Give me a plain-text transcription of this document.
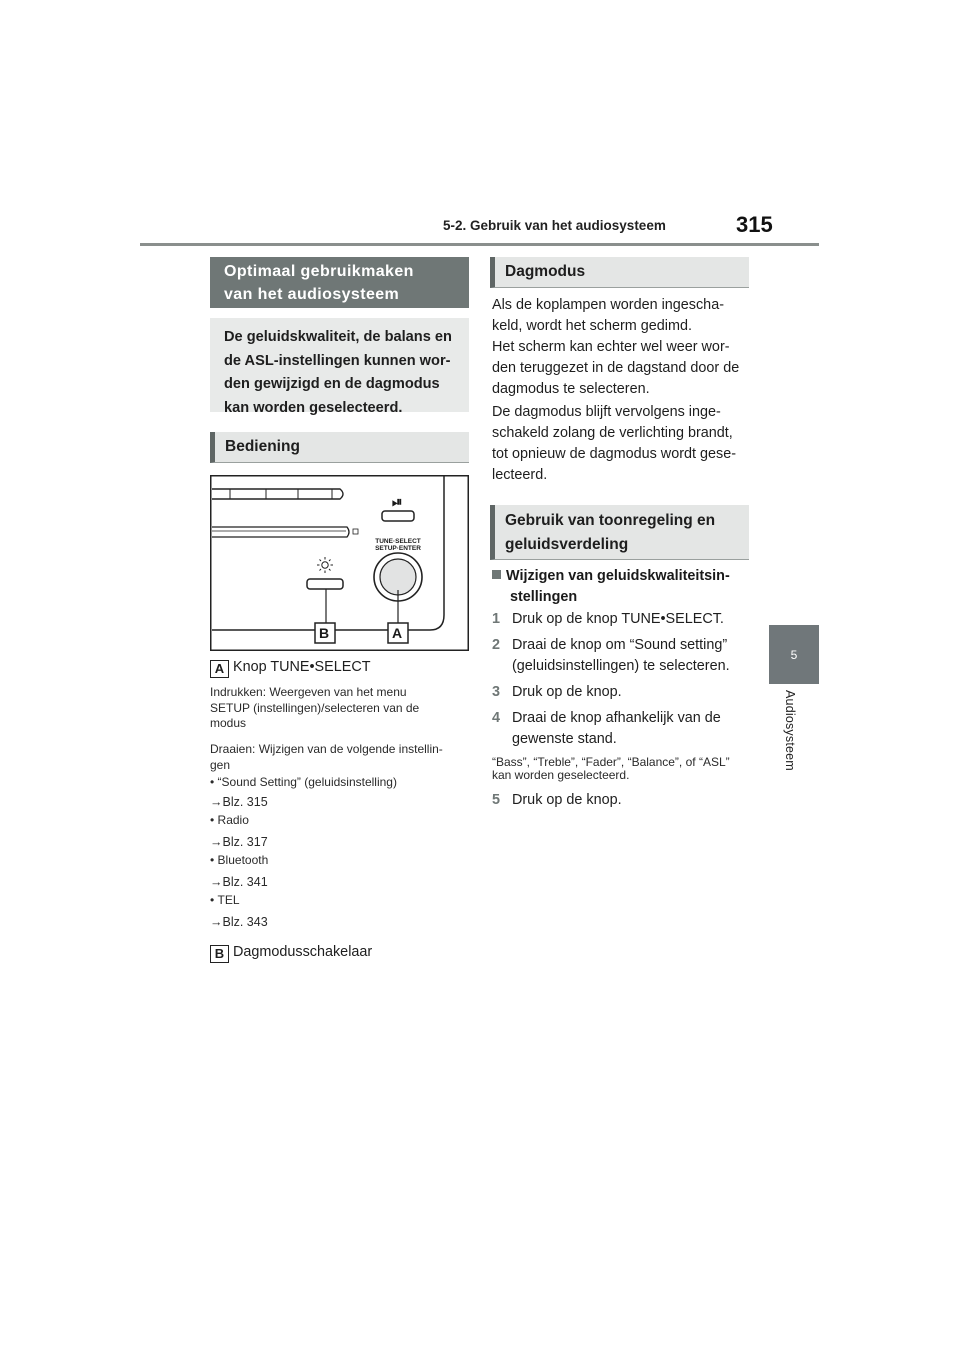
5-2. Gebruik van het audiosysteem	315
5
Audiosysteem
Optimaal gebruikmaken
van het audiosysteem
De geluidskwaliteit, de balans en
de ASL-instellingen kunnen wor-
den gewijzigd en de dagmodus
kan worden geselecteerd.
Bediening
⏯
TUNE·SELECT
SETUP·ENTER
B	A
A Knop TUNE•SELECT
Indrukken: Weergeven van het menu
SETUP (instellingen)/selecteren van de
modus
Draaien: Wijzigen van de volgende instellin-
gen
• “Sound Setting” (geluidsinstelling)
→Blz. 315
• Radio
→Blz. 317
• Bluetooth
→Blz. 341
• TEL
→Blz. 343
B Dagmodusschakelaar
Dagmodus
Als de koplampen worden ingescha-
keld, wordt het scherm gedimd.
Het scherm kan echter wel weer wor-
den teruggezet in de dagstand door de
dagmodus te selecteren.
De dagmodus blijft vervolgens inge-
schakeld zolang de verlichting brandt,
tot opnieuw de dagmodus wordt gese-
lecteerd.
Gebruik van toonregeling en
geluidsverdeling
Wijzigen van geluidskwaliteitsin-
stellingen
1 Druk op de knop TUNE•SELECT.
2 Draai de knop om “Sound setting”
(geluidsinstellingen) te selecteren.
3 Druk op de knop.
4 Draai de knop afhankelijk van de
gewenste stand.
“Bass”, “Treble”, “Fader”, “Balance”, of “ASL”
kan worden geselecteerd.
5 Druk op de knop.
